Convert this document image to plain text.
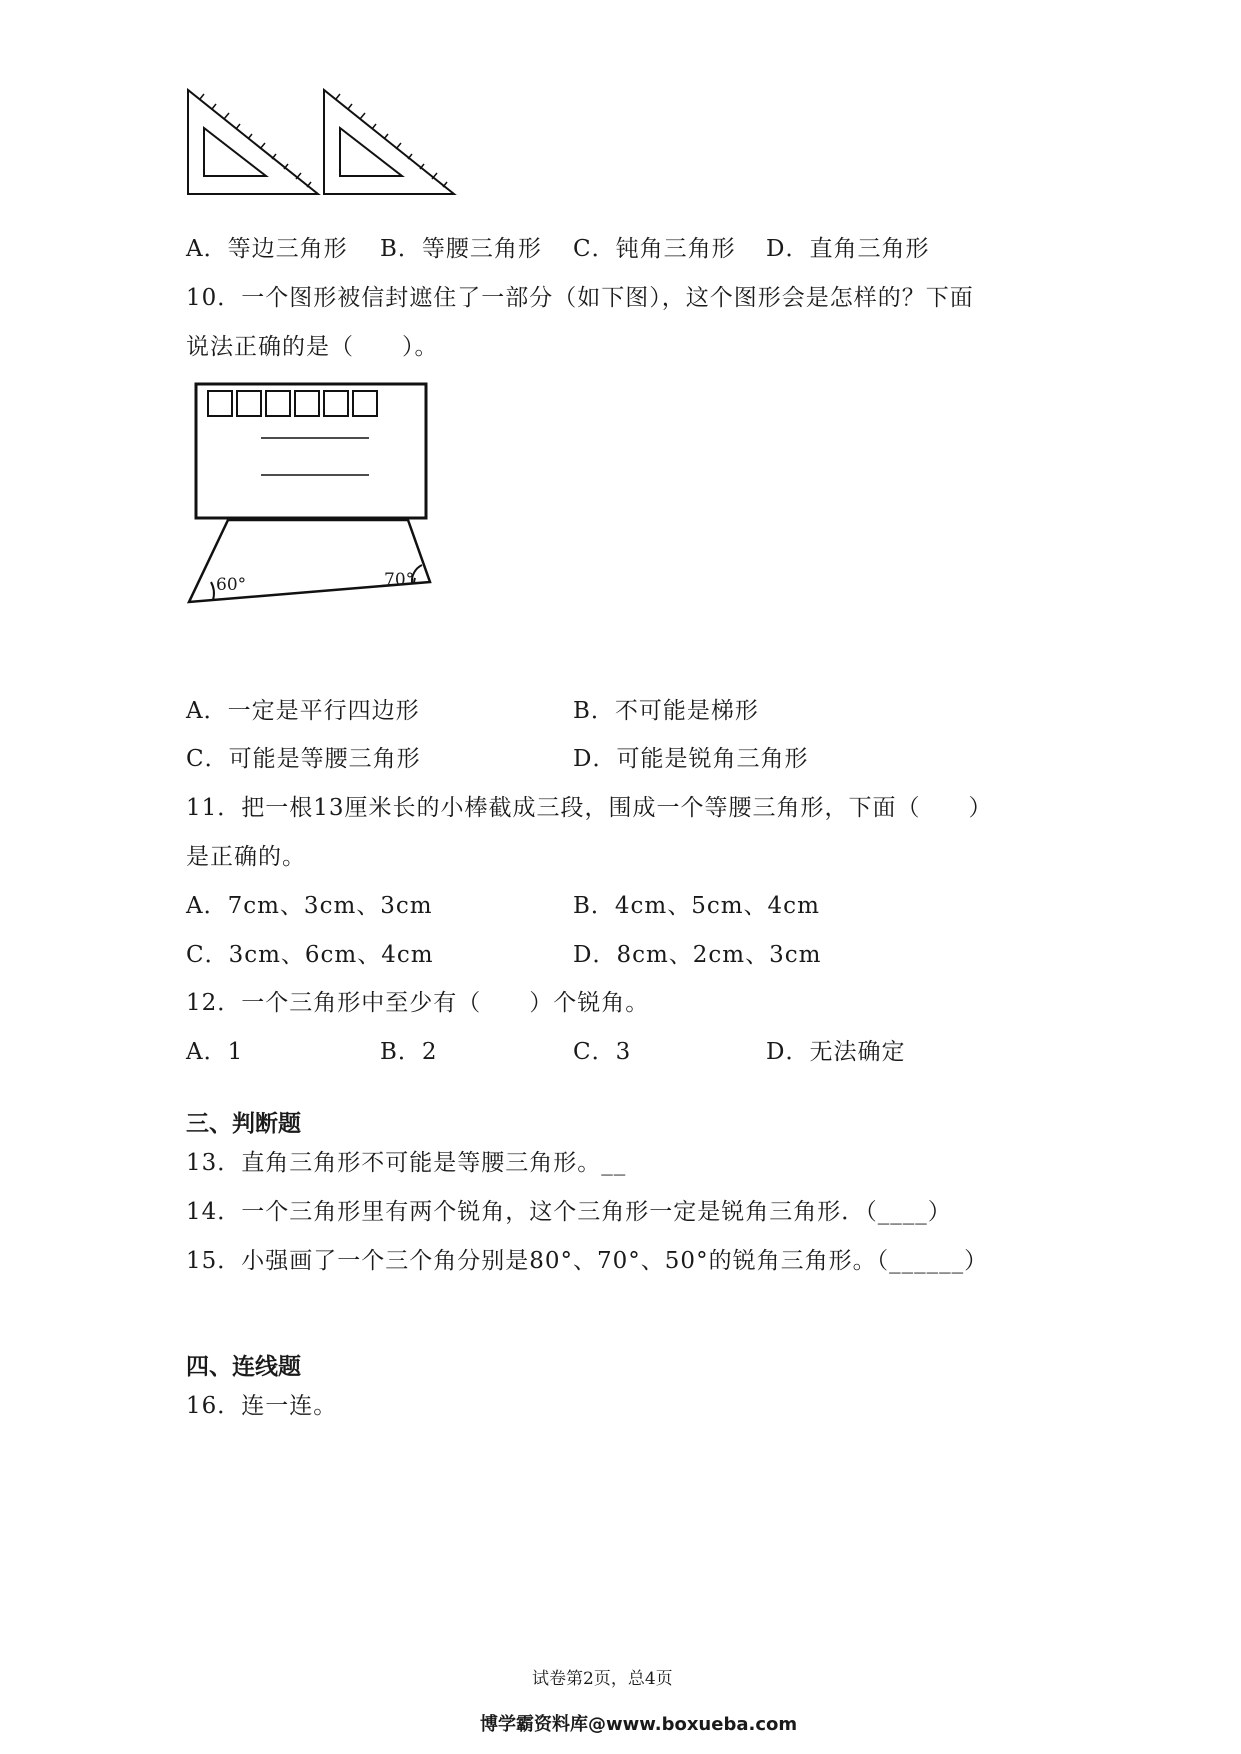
A．等边三角形 B．等腰三角形 C．钝角三角形 D．直角三角形
10．一个图形被信封遮住了一部分（如下图），这个图形会是怎样的？下面
说法正确的是（　　）。
60°	70°
A．一定是平行四边形	B．不可能是梯形
C．可能是等腰三角形	D．可能是锐角三角形
11．把一根13厘米长的小棒截成三段，围成一个等腰三角形，下面（　　）
是正确的。
A．7cm、3cm、3cm	B．4cm、5cm、4cm
C．3cm、6cm、4cm	D．8cm、2cm、3cm
12．一个三角形中至少有（　　）个锐角。
A．1	B．2	C．3	D．无法确定
三、判断题
13．直角三角形不可能是等腰三角形。__
14．一个三角形里有两个锐角，这个三角形一定是锐角三角形．（____）
15．小强画了一个三个角分别是80°、70°、50°的锐角三角形。（______）
四、连线题
16．连一连。
试卷第2页，总4页
博学霸资料库@www.boxueba.com
